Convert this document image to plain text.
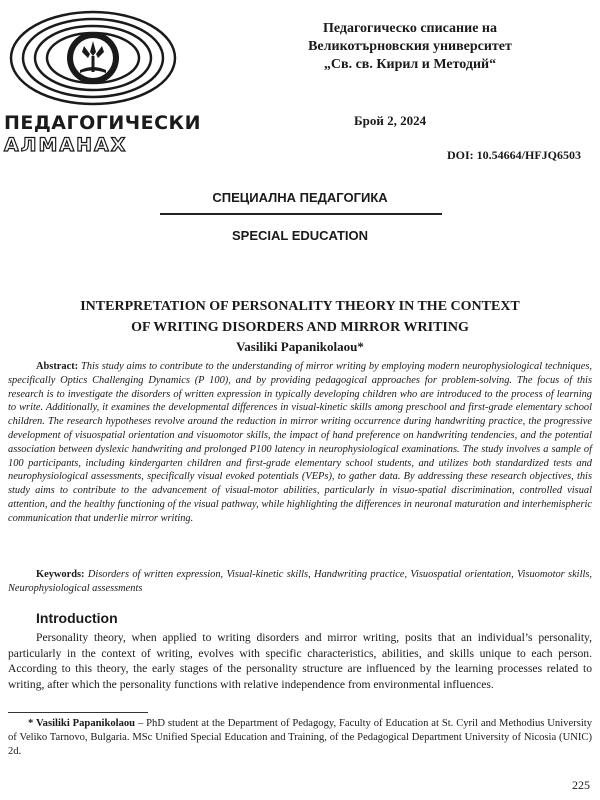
Педагогическо списание на
Великотърновския университет
„Св. св. Кирил и Методий“
ПЕДАГОГИЧЕСКИ
АЛМАНАХ
Брой 2, 2024
DOI: 10.54664/HFJQ6503
СПЕЦИАЛНА ПЕДАГОГИКА
SPECIAL EDUCATION
INTERPRETATION OF PERSONALITY THEORY IN THE CONTEXT
OF WRITING DISORDERS AND MIRROR WRITING
Vasiliki Papanikolaou*
Abstract: This study aims to contribute to the understanding of mirror writing by employing modern neurophysiological techniques, specifically Optics Challenging Dynamics (P 100), and by providing pedagogical approaches for problem-solving. The focus of this research is to investigate the disorders of written expression in typically developing children who are introduced to the process of learning to write. Additionally, it examines the developmental differences in visual-kinetic skills among preschool and first-grade elementary school children. The research hypotheses revolve around the reduction in mirror writing occurrence during handwriting practice, the progressive development of visuospatial orientation and visuomotor skills, the impact of hand preference on handwriting tendencies, and the potential association between dyslexic handwriting and prolonged P100 latency in neurophysiological examinations. The study involves a sample of 100 participants, including kindergarten children and first-grade elementary school students, and utilizes both standardized tests and neurophysiological assessments, specifically visual evoked potentials (VEPs), to gather data. By addressing these research objectives, this study aims to contribute to the advancement of visual-motor abilities, particularly in visuo-spatial discrimination, controlled visual attention, and the healthy functioning of the visual pathway, while highlighting the differences in neuronal maturation and interhemispheric communication that underlie mirror writing.
Keywords: Disorders of written expression, Visual-kinetic skills, Handwriting practice, Visuospatial orientation, Visuomotor skills, Neurophysiological assessments
Introduction
Personality theory, when applied to writing disorders and mirror writing, posits that an individual’s personality, particularly in the context of writing, evolves with specific characteristics, abilities, and skills unique to each person. According to this theory, the early stages of the personality structure are influenced by the learning processes related to writing, after which the personality functions with relative independence from environmental influences.
* Vasiliki Papanikolaou – PhD student at the Department of Pedagogy, Faculty of Education at St. Cyril and Methodius University of Veliko Tarnovo, Bulgaria. MSc Unified Special Education and Training, of the Pedagogical Department University of Nicosia (UNIC) 2d.
225
